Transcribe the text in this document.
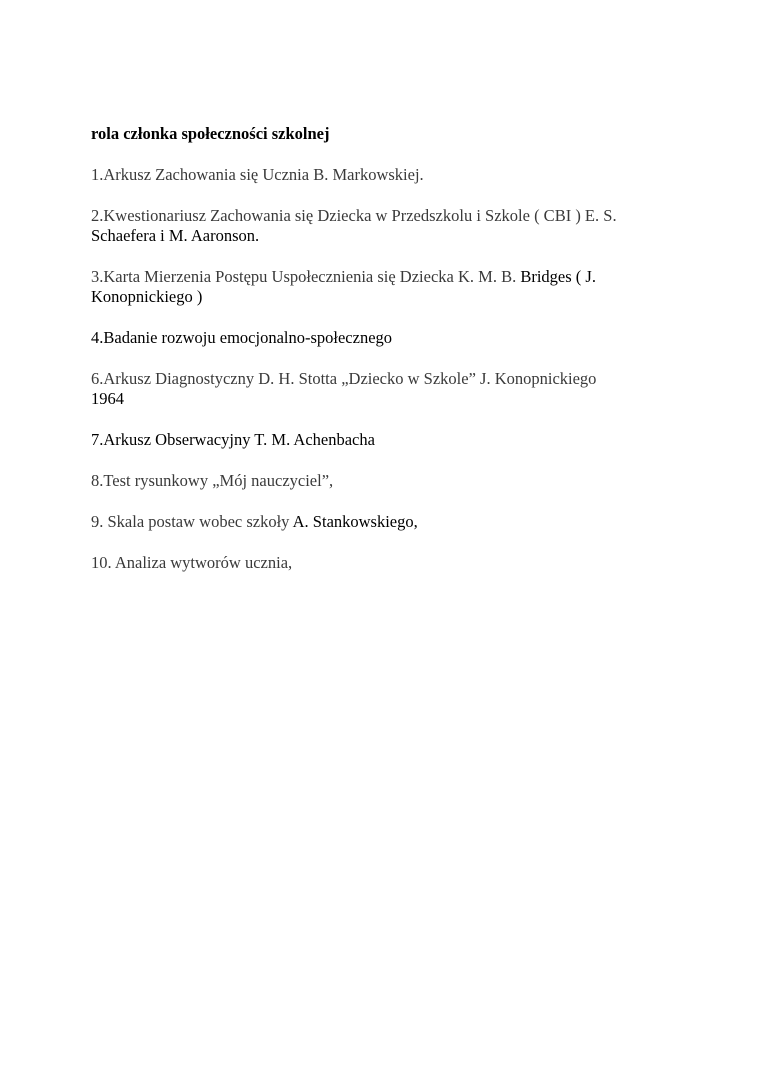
rola członka społeczności szkolnej
1.Arkusz Zachowania się Ucznia B. Markowskiej.
2.Kwestionariusz Zachowania się Dziecka w Przedszkolu i Szkole ( CBI ) E. S.
Schaefera i M. Aaronson.
3.Karta Mierzenia Postępu Uspołecznienia się Dziecka K. M. B. Bridges ( J.
Konopnickiego )
4.Badanie rozwoju emocjonalno-społecznego
6.Arkusz Diagnostyczny D. H. Stotta „Dziecko w Szkole” J. Konopnickiego
1964
7.Arkusz Obserwacyjny T. M. Achenbacha
8.Test rysunkowy „Mój nauczyciel”,
9. Skala postaw wobec szkoły A. Stankowskiego,
10. Analiza wytworów ucznia,
